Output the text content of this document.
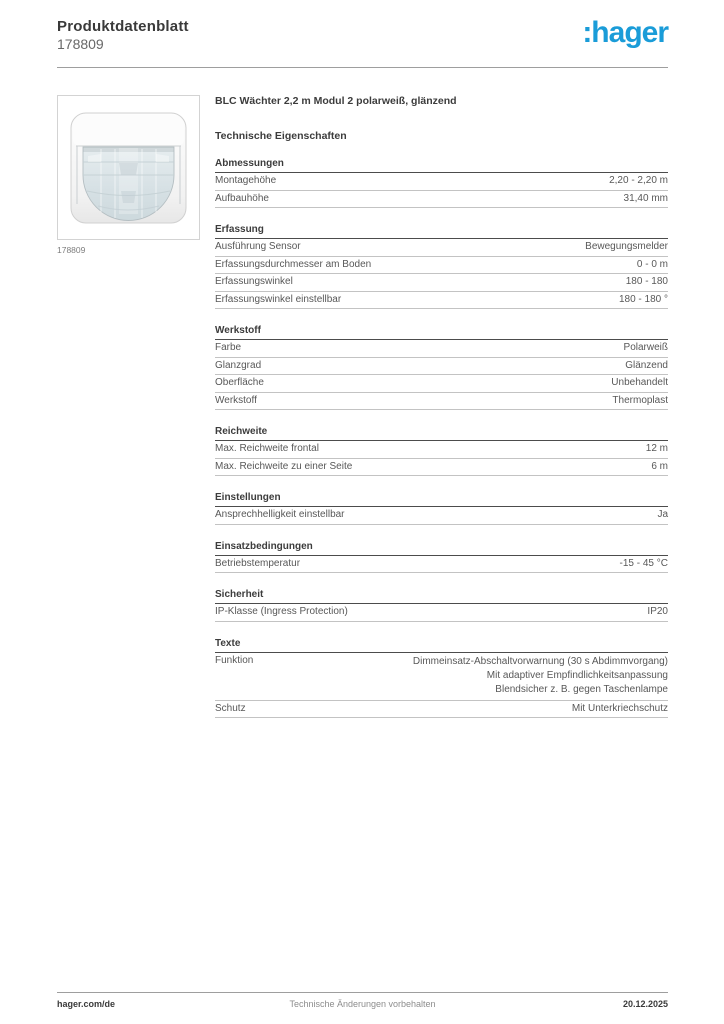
Produktdatenblatt
178809	:hager
178809
BLC Wächter 2,2 m Modul 2 polarweiß, glänzend
Technische Eigenschaften
Abmessungen
Montagehöhe	2,20 - 2,20 m
Aufbauhöhe	31,40 mm
Erfassung
Ausführung Sensor	Bewegungsmelder
Erfassungsdurchmesser am Boden	0 - 0 m
Erfassungswinkel	180 - 180
Erfassungswinkel einstellbar	180 - 180 °
Werkstoff
Farbe	Polarweiß
Glanzgrad	Glänzend
Oberfläche	Unbehandelt
Werkstoff	Thermoplast
Reichweite
Max. Reichweite frontal	12 m
Max. Reichweite zu einer Seite	6 m
Einstellungen
Ansprechhelligkeit einstellbar	Ja
Einsatzbedingungen
Betriebstemperatur	-15 - 45 °C
Sicherheit
IP-Klasse (Ingress Protection)	IP20
Texte
Funktion	Dimmeinsatz-Abschaltvorwarnung (30 s Abdimmvorgang)
Mit adaptiver Empfindlichkeitsanpassung
Blendsicher z. B. gegen Taschenlampe
Schutz	Mit Unterkriechschutz
hager.com/de	Technische Änderungen vorbehalten	20.12.2025
